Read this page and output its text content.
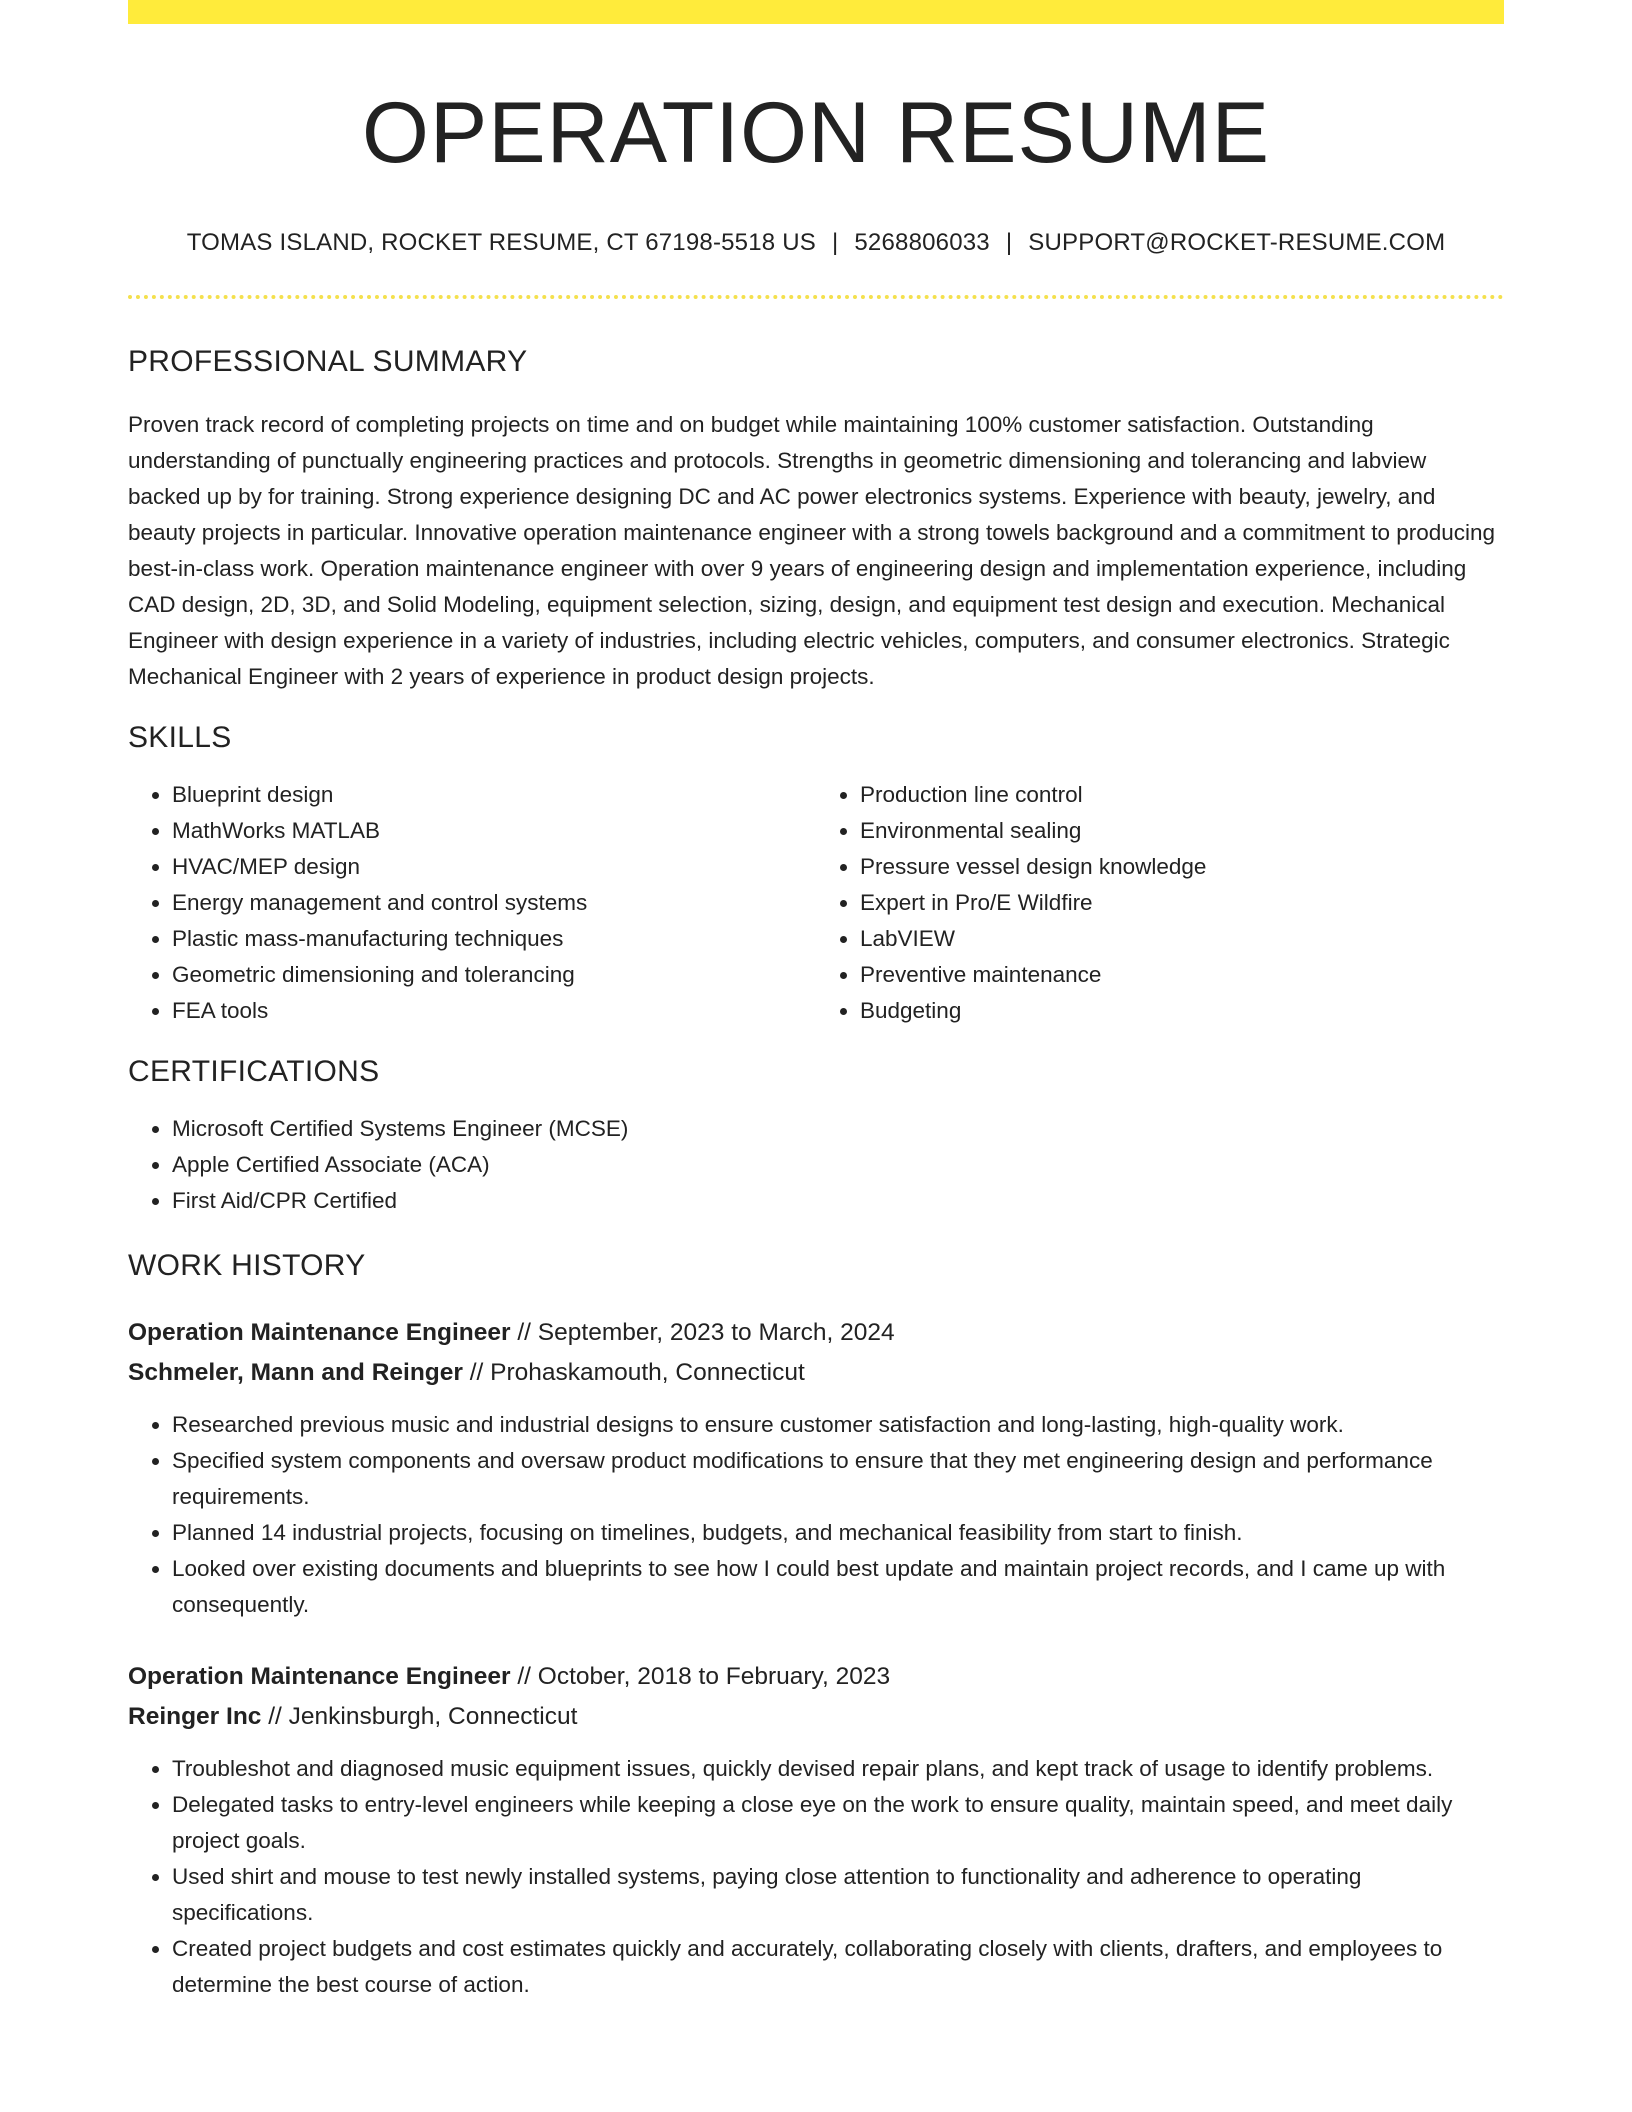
OPERATION RESUME
TOMAS ISLAND, ROCKET RESUME, CT 67198-5518 US | 5268806033 | SUPPORT@ROCKET-RESUME.COM
PROFESSIONAL SUMMARY

Proven track record of completing projects on time and on budget while maintaining 100% customer satisfaction. Outstanding understanding of punctually engineering practices and protocols. Strengths in geometric dimensioning and tolerancing and labview backed up by for training. Strong experience designing DC and AC power electronics systems. Experience with beauty, jewelry, and beauty projects in particular. Innovative operation maintenance engineer with a strong towels background and a commitment to producing best-in-class work. Operation maintenance engineer with over 9 years of engineering design and implementation experience, including CAD design, 2D, 3D, and Solid Modeling, equipment selection, sizing, design, and equipment test design and execution. Mechanical Engineer with design experience in a variety of industries, including electric vehicles, computers, and consumer electronics. Strategic Mechanical Engineer with 2 years of experience in product design projects.

SKILLS
• Blueprint design
• MathWorks MATLAB
• HVAC/MEP design
• Energy management and control systems
• Plastic mass-manufacturing techniques
• Geometric dimensioning and tolerancing
• FEA tools
• Production line control
• Environmental sealing
• Pressure vessel design knowledge
• Expert in Pro/E Wildfire
• LabVIEW
• Preventive maintenance
• Budgeting
CERTIFICATIONS
• Microsoft Certified Systems Engineer (MCSE)
• Apple Certified Associate (ACA)
• First Aid/CPR Certified
WORK HISTORY
Operation Maintenance Engineer // September, 2023 to March, 2024
Schmeler, Mann and Reinger // Prohaskamouth, Connecticut
• Researched previous music and industrial designs to ensure customer satisfaction and long-lasting, high-quality work.
• Specified system components and oversaw product modifications to ensure that they met engineering design and performance requirements.
• Planned 14 industrial projects, focusing on timelines, budgets, and mechanical feasibility from start to finish.
• Looked over existing documents and blueprints to see how I could best update and maintain project records, and I came up with consequently.
Operation Maintenance Engineer // October, 2018 to February, 2023
Reinger Inc // Jenkinsburgh, Connecticut
• Troubleshot and diagnosed music equipment issues, quickly devised repair plans, and kept track of usage to identify problems.
• Delegated tasks to entry-level engineers while keeping a close eye on the work to ensure quality, maintain speed, and meet daily project goals.
• Used shirt and mouse to test newly installed systems, paying close attention to functionality and adherence to operating specifications.
• Created project budgets and cost estimates quickly and accurately, collaborating closely with clients, drafters, and employees to determine the best course of action.
